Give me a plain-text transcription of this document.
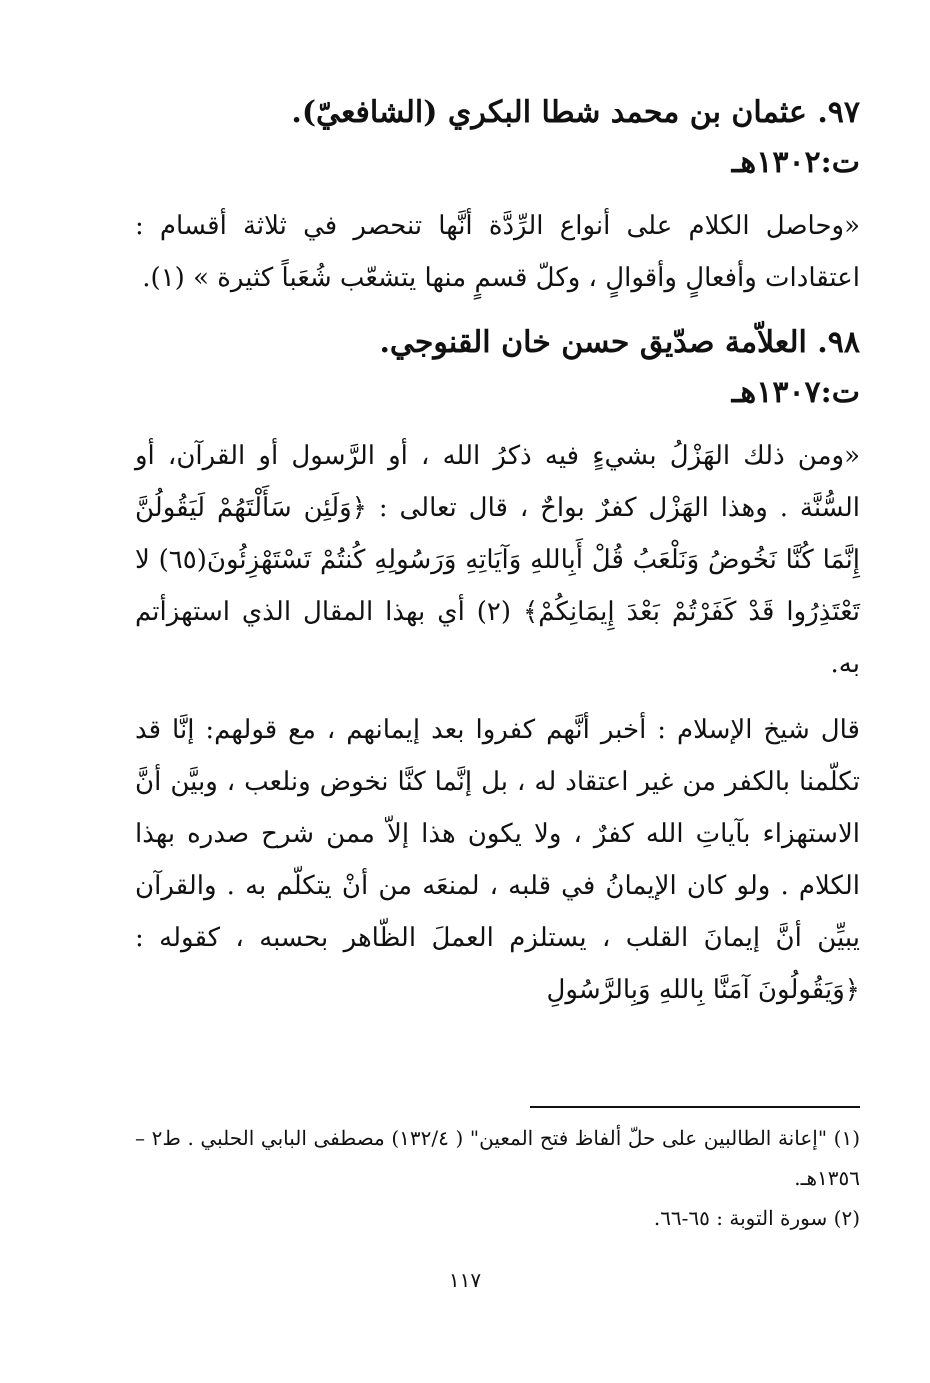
٩٧. عثمان بن محمد شطا البكري (الشافعيّ).

ت:١٣٠٢هـ

«وحاصل الكلام على أنواع الرِّدَّة أنَّها تنحصر في ثلاثة أقسام : اعتقادات وأفعالٍ وأقوالٍ ، وكلّ قسمٍ منها يتشعّب شُعَباً كثيرة » (١).

٩٨. العلاّمة صدّيق حسن خان القنوجي.

ت:١٣٠٧هـ

«ومن ذلك الهَزْلُ بشيءٍ فيه ذكرُ الله ، أو الرَّسول أو القرآن، أو السُّنَّة . وهذا الهَزْل كفرٌ بواحٌ ، قال تعالى : ﴿وَلَئِن سَأَلْتَهُمْ لَيَقُولُنَّ إِنَّمَا كُنَّا نَخُوضُ وَنَلْعَبُ قُلْ أَبِاللهِ وَآيَاتِهِ وَرَسُولِهِ كُنتُمْ تَسْتَهْزِئُونَ(٦٥) لا تَعْتَذِرُوا قَدْ كَفَرْتُمْ بَعْدَ إِيمَانِكُمْ﴾ (٢) أي بهذا المقال الذي استهزأتم به.

قال شيخ الإسلام : أخبر أنَّهم كفروا بعد إيمانهم ، مع قولهم: إنَّا قد تكلّمنا بالكفر من غير اعتقاد له ، بل إنَّما كنَّا نخوض ونلعب ، وبيَّن أنَّ الاستهزاء بآياتِ الله كفرٌ ، ولا يكون هذا إلاّ ممن شرح صدره بهذا الكلام . ولو كان الإيمانُ في قلبه ، لمنعَه من أنْ يتكلّم به . والقرآن يبيِّن أنَّ إيمانَ القلب ، يستلزم العملَ الظّاهر بحسبه ، كقوله : ﴿وَيَقُولُونَ آمَنَّا بِاللهِ وَبِالرَّسُولِ

(١) "إعانة الطالبين على حلّ ألفاظ فتح المعين" ( ١٣٢/٤) مصطفى البابي الحلبي . ط٢ – ١٣٥٦هـ.

(٢) سورة التوبة : ٦٥-٦٦.

١١٧
